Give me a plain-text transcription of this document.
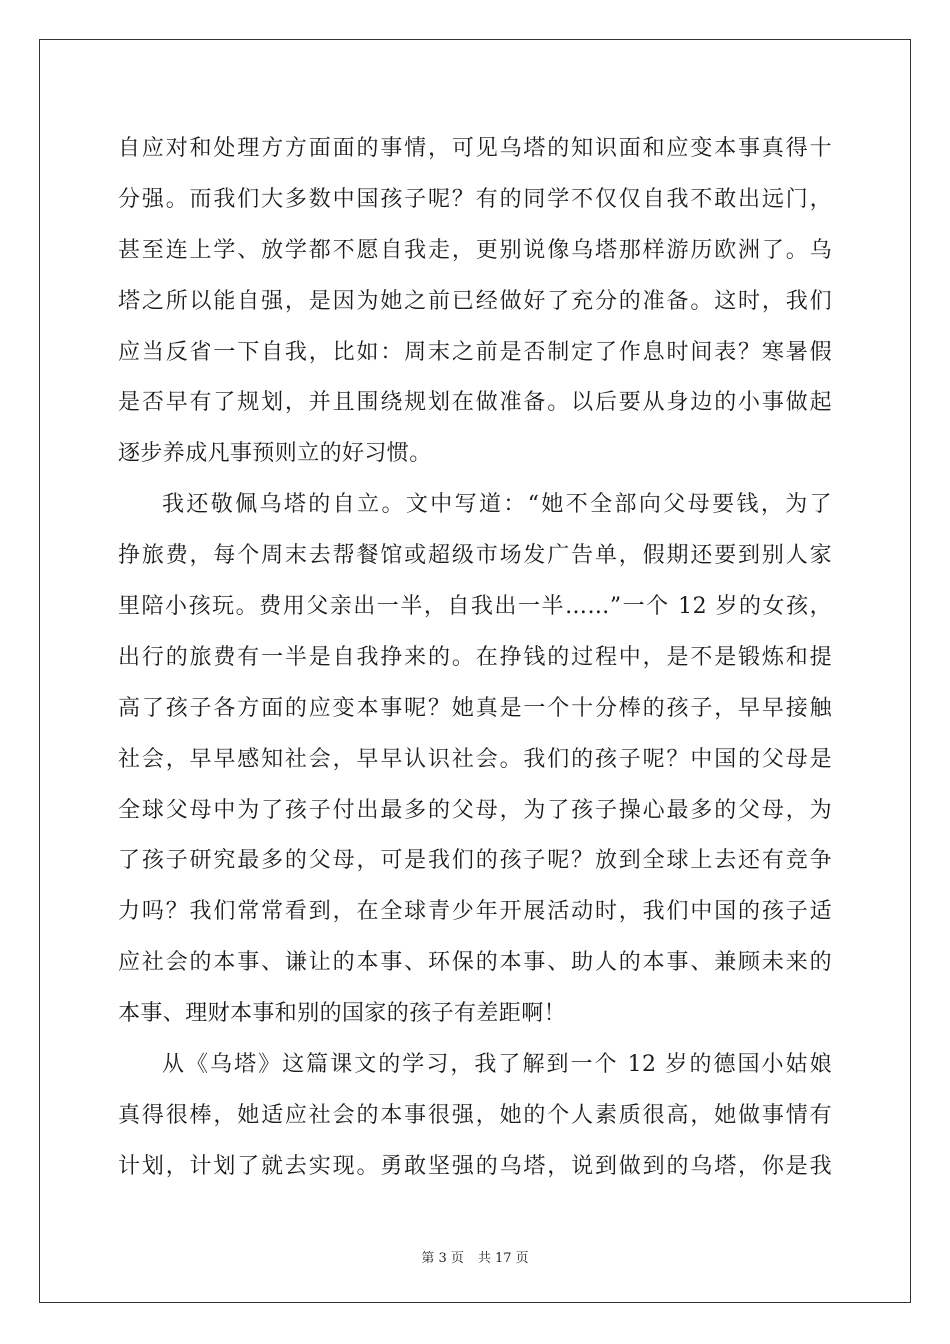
自应对和处理方方面面的事情，可见乌塔的知识面和应变本事真得十
分强。而我们大多数中国孩子呢？有的同学不仅仅自我不敢出远门，
甚至连上学、放学都不愿自我走，更别说像乌塔那样游历欧洲了。乌
塔之所以能自强，是因为她之前已经做好了充分的准备。这时，我们
应当反省一下自我，比如：周末之前是否制定了作息时间表？寒暑假
是否早有了规划，并且围绕规划在做准备。以后要从身边的小事做起
逐步养成凡事预则立的好习惯。
我还敬佩乌塔的自立。文中写道：“她不全部向父母要钱，为了
挣旅费，每个周末去帮餐馆或超级市场发广告单，假期还要到别人家
里陪小孩玩。费用父亲出一半，自我出一半……”一个 12 岁的女孩，
出行的旅费有一半是自我挣来的。在挣钱的过程中，是不是锻炼和提
高了孩子各方面的应变本事呢？她真是一个十分棒的孩子，早早接触
社会，早早感知社会，早早认识社会。我们的孩子呢？中国的父母是
全球父母中为了孩子付出最多的父母，为了孩子操心最多的父母，为
了孩子研究最多的父母，可是我们的孩子呢？放到全球上去还有竞争
力吗？我们常常看到，在全球青少年开展活动时，我们中国的孩子适
应社会的本事、谦让的本事、环保的本事、助人的本事、兼顾未来的
本事、理财本事和别的国家的孩子有差距啊！
从《乌塔》这篇课文的学习，我了解到一个 12 岁的德国小姑娘
真得很棒，她适应社会的本事很强，她的个人素质很高，她做事情有
计划，计划了就去实现。勇敢坚强的乌塔，说到做到的乌塔，你是我
第 3 页 共 17 页
